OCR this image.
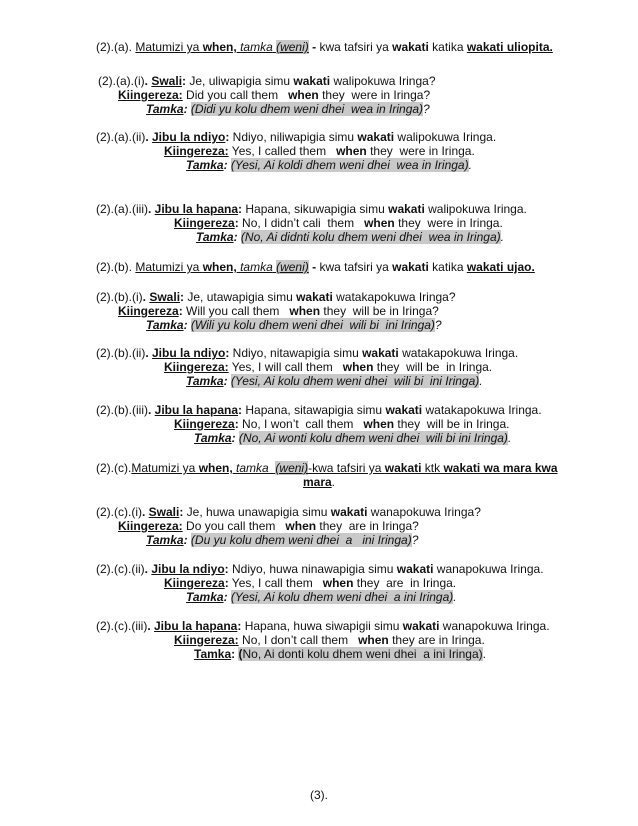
(2).(a). Matumizi ya when, tamka (weni) - kwa tafsiri ya wakati katika wakati uliopita.
(2).(a).(i). Swali: Je, uliwapigia simu wakati walipokuwa Iringa?
Kiingereza: Did you call them   when they  were in Iringa?
Tamka: (Didi yu kolu dhem weni dhei  wea in Iringa)?
(2).(a).(ii). Jibu la ndiyo: Ndiyo, niliwapigia simu wakati walipokuwa Iringa.
Kiingereza: Yes, I called them   when they  were in Iringa.
Tamka: (Yesi, Ai koldi dhem weni dhei  wea in Iringa).
(2).(a).(iii). Jibu la hapana: Hapana, sikuwapigia simu wakati walipokuwa Iringa.
Kiingereza: No, I didn’t cali  them   when they  were in Iringa.
Tamka: (No, Ai didnti kolu dhem weni dhei  wea in Iringa).
(2).(b). Matumizi ya when, tamka (weni) - kwa tafsiri ya wakati katika wakati ujao.
(2).(b).(i). Swali: Je, utawapigia simu wakati watakapokuwa Iringa?
Kiingereza: Will you call them   when they  will be in Iringa?
Tamka: (Wili yu kolu dhem weni dhei  wili bi  ini Iringa)?
(2).(b).(ii). Jibu la ndiyo: Ndiyo, nitawapigia simu wakati watakapokuwa Iringa.
Kiingereza: Yes, I will call them   when they  will be  in Iringa.
Tamka: (Yesi, Ai kolu dhem weni dhei  wili bi  ini Iringa).
(2).(b).(iii). Jibu la hapana: Hapana, sitawapigia simu wakati watakapokuwa Iringa.
Kiingereza: No, I won’t  call them   when they  will be in Iringa.
Tamka: (No, Ai wonti kolu dhem weni dhei  wili bi ini Iringa).
(2).(c).Matumizi ya when, tamka (weni)-kwa tafsiri ya wakati ktk wakati wa mara kwa
mara.
(2).(c).(i). Swali: Je, huwa unawapigia simu wakati wanapokuwa Iringa?
Kiingereza: Do you call them   when they  are in Iringa?
Tamka: (Du yu kolu dhem weni dhei  a   ini Iringa)?
(2).(c).(ii). Jibu la ndiyo: Ndiyo, huwa ninawapigia simu wakati wanapokuwa Iringa.
Kiingereza: Yes, I call them   when they  are  in Iringa.
Tamka: (Yesi, Ai kolu dhem weni dhei  a ini Iringa).
(2).(c).(iii). Jibu la hapana: Hapana, huwa siwapigii simu wakati wanapokuwa Iringa.
Kiingereza: No, I don’t call them   when they are in Iringa.
Tamka: (No, Ai donti kolu dhem weni dhei  a ini Iringa).
(3).
